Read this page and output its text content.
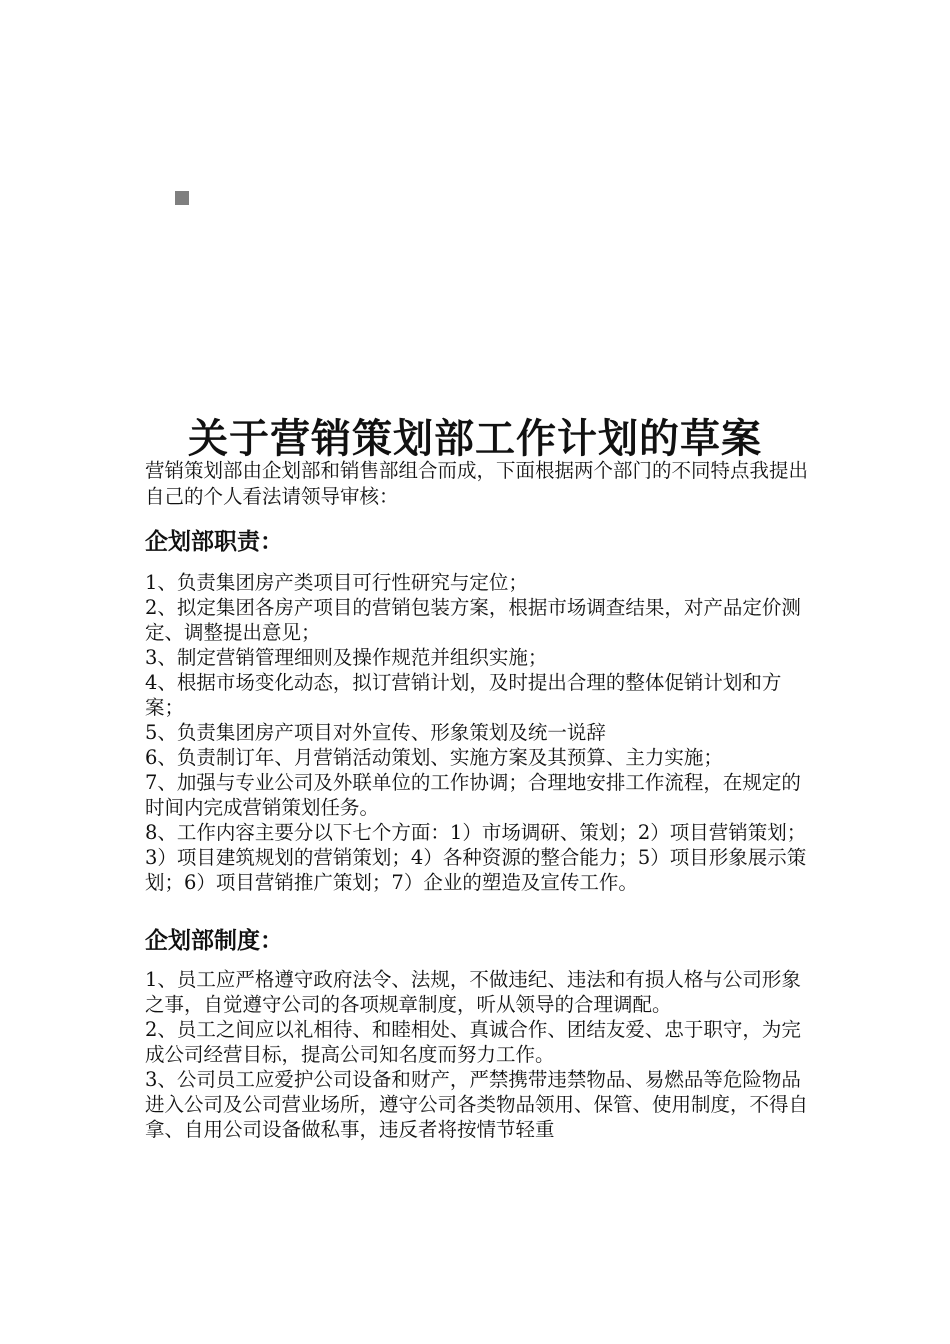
关于营销策划部工作计划的草案

营销策划部由企划部和销售部组合而成，下面根据两个部门的不同特点我提出自己的个人看法请领导审核：

企划部职责：

1、负责集团房产类项目可行性研究与定位；

2、拟定集团各房产项目的营销包装方案，根据市场调查结果，对产品定价测定、调整提出意见；

3、制定营销管理细则及操作规范并组织实施；

4、根据市场变化动态，拟订营销计划，及时提出合理的整体促销计划和方案；

5、负责集团房产项目对外宣传、形象策划及统一说辞

6、负责制订年、月营销活动策划、实施方案及其预算、主力实施；

7、加强与专业公司及外联单位的工作协调；合理地安排工作流程，在规定的时间内完成营销策划任务。

8、工作内容主要分以下七个方面：1）市场调研、策划；2）项目营销策划；3）项目建筑规划的营销策划；4）各种资源的整合能力；5）项目形象展示策划；6）项目营销推广策划；7）企业的塑造及宣传工作。

企划部制度：

1、员工应严格遵守政府法令、法规，不做违纪、违法和有损人格与公司形象之事，自觉遵守公司的各项规章制度，听从领导的合理调配。

2、员工之间应以礼相待、和睦相处、真诚合作、团结友爱、忠于职守，为完成公司经营目标，提高公司知名度而努力工作。

3、公司员工应爱护公司设备和财产，严禁携带违禁物品、易燃品等危险物品进入公司及公司营业场所，遵守公司各类物品领用、保管、使用制度，不得自拿、自用公司设备做私事，违反者将按情节轻重
